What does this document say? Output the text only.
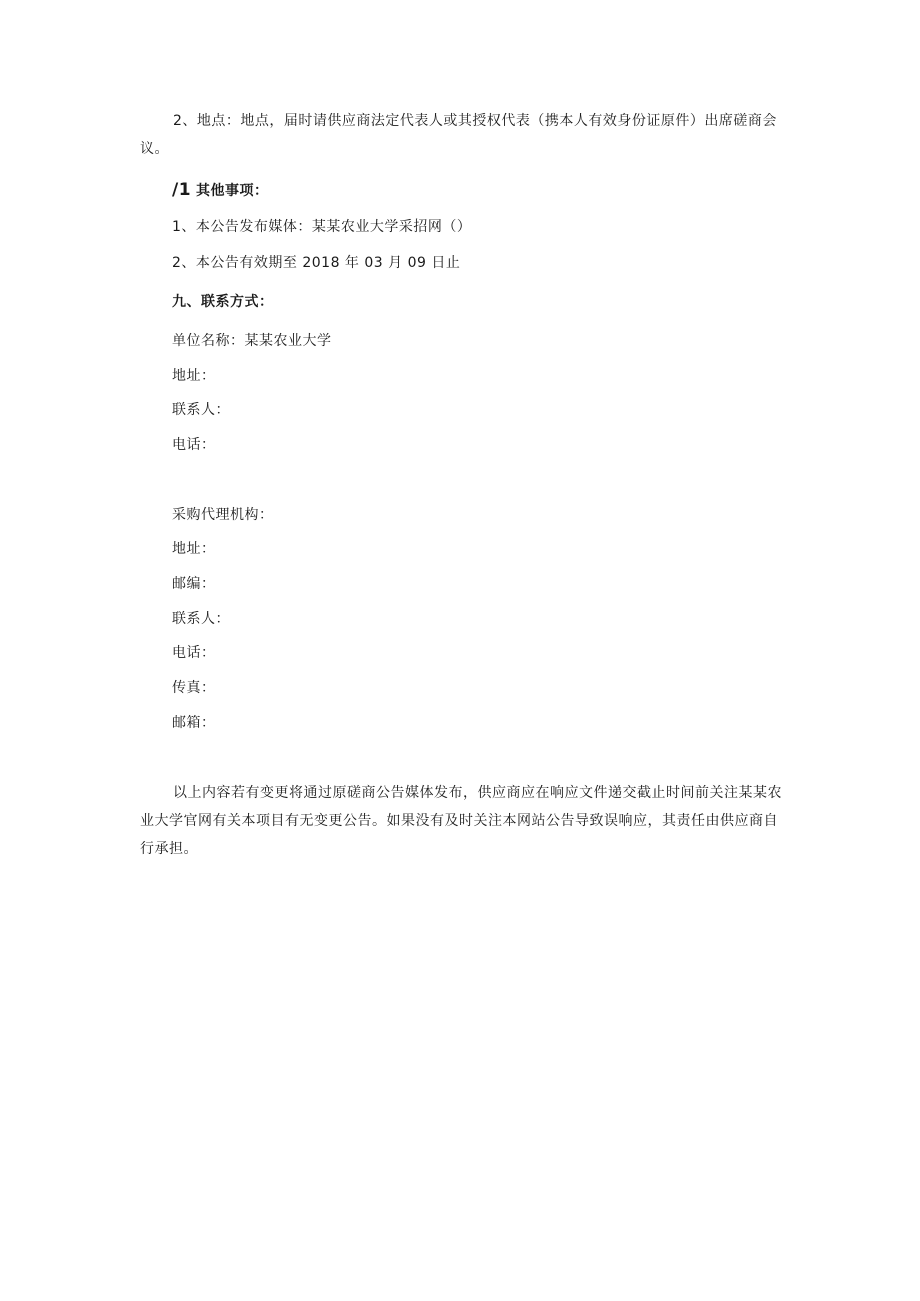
2、地点：地点，届时请供应商法定代表人或其授权代表（携本人有效身份证原件）出席磋商会议。
/1 其他事项：
1、本公告发布媒体：某某农业大学采招网（）
2、本公告有效期至 2018 年 03 月 09 日止
九、联系方式：
单位名称：某某农业大学
地址：
联系人：
电话：
采购代理机构：
地址：
邮编：
联系人：
电话：
传真：
邮箱：
以上内容若有变更将通过原磋商公告媒体发布，供应商应在响应文件递交截止时间前关注某某农业大学官网有关本项目有无变更公告。如果没有及时关注本网站公告导致误响应，其责任由供应商自行承担。
